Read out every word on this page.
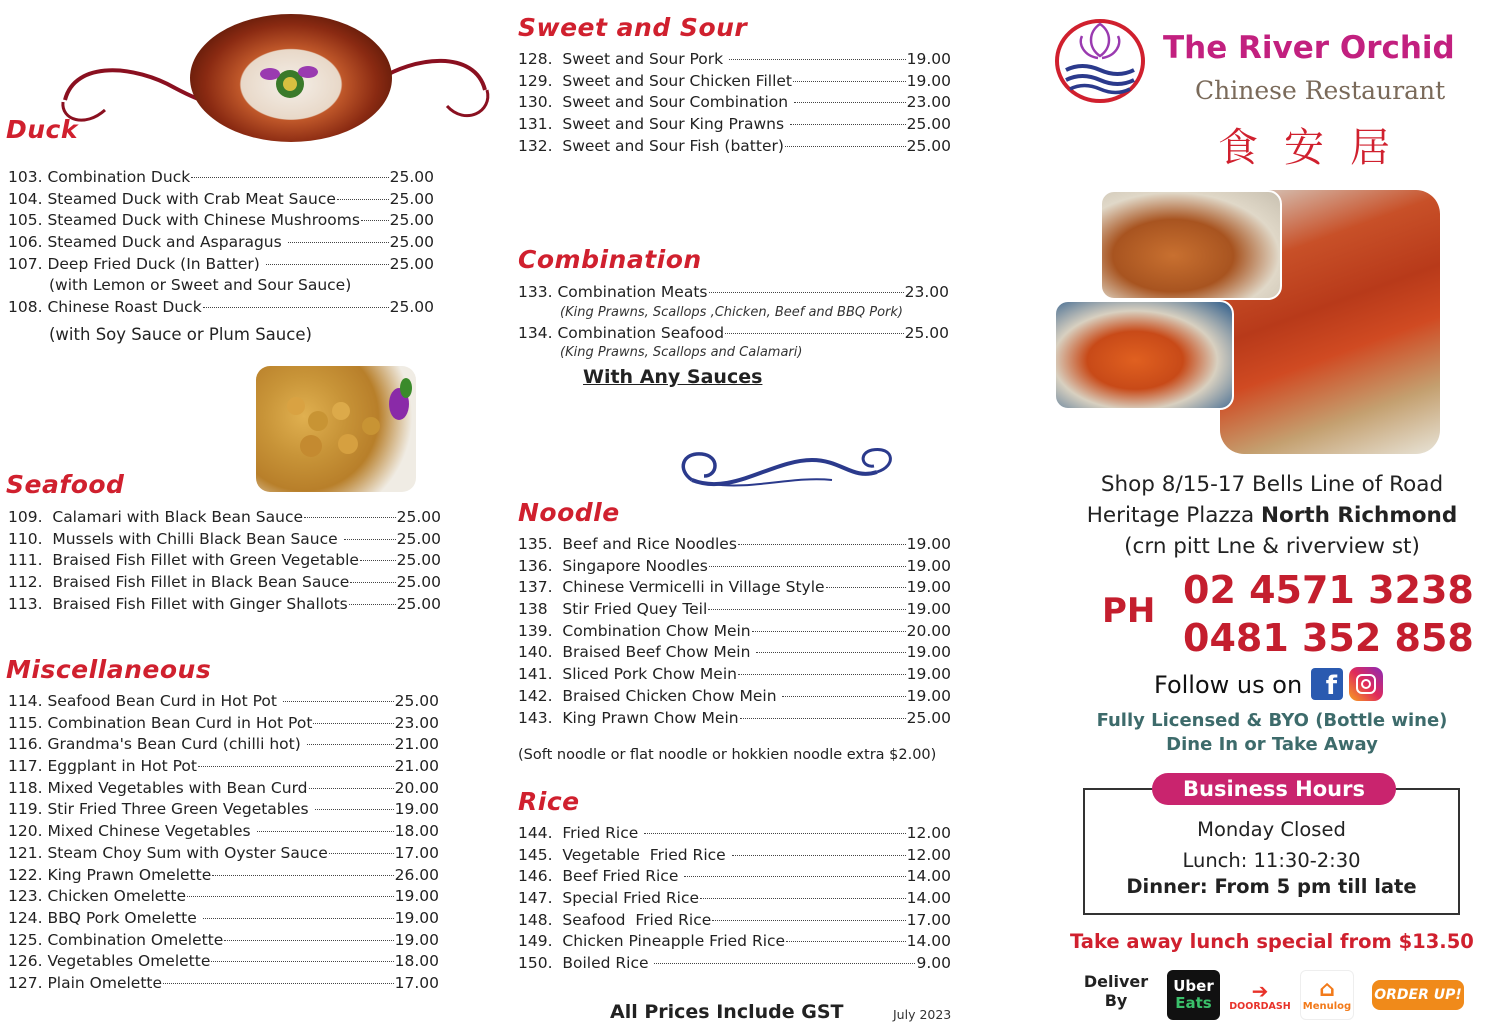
Duck
103. Combination Duck	25.00
104. Steamed Duck with Crab Meat Sauce	25.00
105. Steamed Duck with Chinese Mushrooms 25.00
106. Steamed Duck and Asparagus	25.00
107. Deep Fried Duck (In Batter)	25.00
(with Lemon or Sweet and Sour Sauce)
108. Chinese Roast Duck	25.00
(with Soy Sauce or Plum Sauce)
Seafood
109.  Calamari with Black Bean Sauce	25.00
110.  Mussels with Chilli Black Bean Sauce	25.00
111.  Braised Fish Fillet with Green Vegetable 25.00
112.  Braised Fish Fillet in Black Bean Sauce	25.00
113.  Braised Fish Fillet with Ginger Shallots	25.00
Miscellaneous
114. Seafood Bean Curd in Hot Pot	25.00
115. Combination Bean Curd in Hot Pot	23.00
116. Grandma's Bean Curd (chilli hot)	21.00
117. Eggplant in Hot Pot	21.00
118. Mixed Vegetables with Bean Curd	20.00
119. Stir Fried Three Green Vegetables	19.00
120. Mixed Chinese Vegetables	18.00
121. Steam Choy Sum with Oyster Sauce	17.00
122. King Prawn Omelette	26.00
123. Chicken Omelette	19.00
124. BBQ Pork Omelette	19.00
125. Combination Omelette	19.00
126. Vegetables Omelette	18.00
127. Plain Omelette	17.00
Sweet and Sour
128.  Sweet and Sour Pork	19.00
129.  Sweet and Sour Chicken Fillet	19.00
130.  Sweet and Sour Combination	23.00
131.  Sweet and Sour King Prawns	25.00
132.  Sweet and Sour Fish (batter)	25.00
Combination
133. Combination Meats	23.00
(King Prawns, Scallops ,Chicken, Beef and BBQ Pork)
134. Combination Seafood	25.00
(King Prawns, Scallops and Calamari)
With Any Sauces
Noodle
135.  Beef and Rice Noodles	19.00
136.  Singapore Noodles	19.00
137.  Chinese Vermicelli in Village Style	19.00
138   Stir Fried Quey Teil	19.00
139.  Combination Chow Mein	20.00
140.  Braised Beef Chow Mein	19.00
141.  Sliced Pork Chow Mein	19.00
142.  Braised Chicken Chow Mein	19.00
143.  King Prawn Chow Mein	25.00
(Soft noodle or flat noodle or hokkien noodle extra $2.00)
Rice
144.  Fried Rice	12.00
145.  Vegetable  Fried Rice	12.00
146.  Beef Fried Rice	14.00
147.  Special Fried Rice	14.00
148.  Seafood  Fried Rice	17.00
149.  Chicken Pineapple Fried Rice	14.00
150.  Boiled Rice	9.00
All Prices Include GST	July 2023
The River Orchid
Chinese Restaurant
食安居
Shop 8/15-17 Bells Line of Road
Heritage Plazza North Richmond
(crn pitt Lne & riverview st)
PH 02 4571 3238
0481 352 858
Follow us on f
Fully Licensed & BYO (Bottle wine)
Dine In or Take Away
Business Hours
Monday Closed
Lunch: 11:30-2:30
Dinner: From 5 pm till late
Take away lunch special from $13.50
Deliver By
Uber
Eats
➔
DOORDASH
⌂
Menulog
ORDER UP!
